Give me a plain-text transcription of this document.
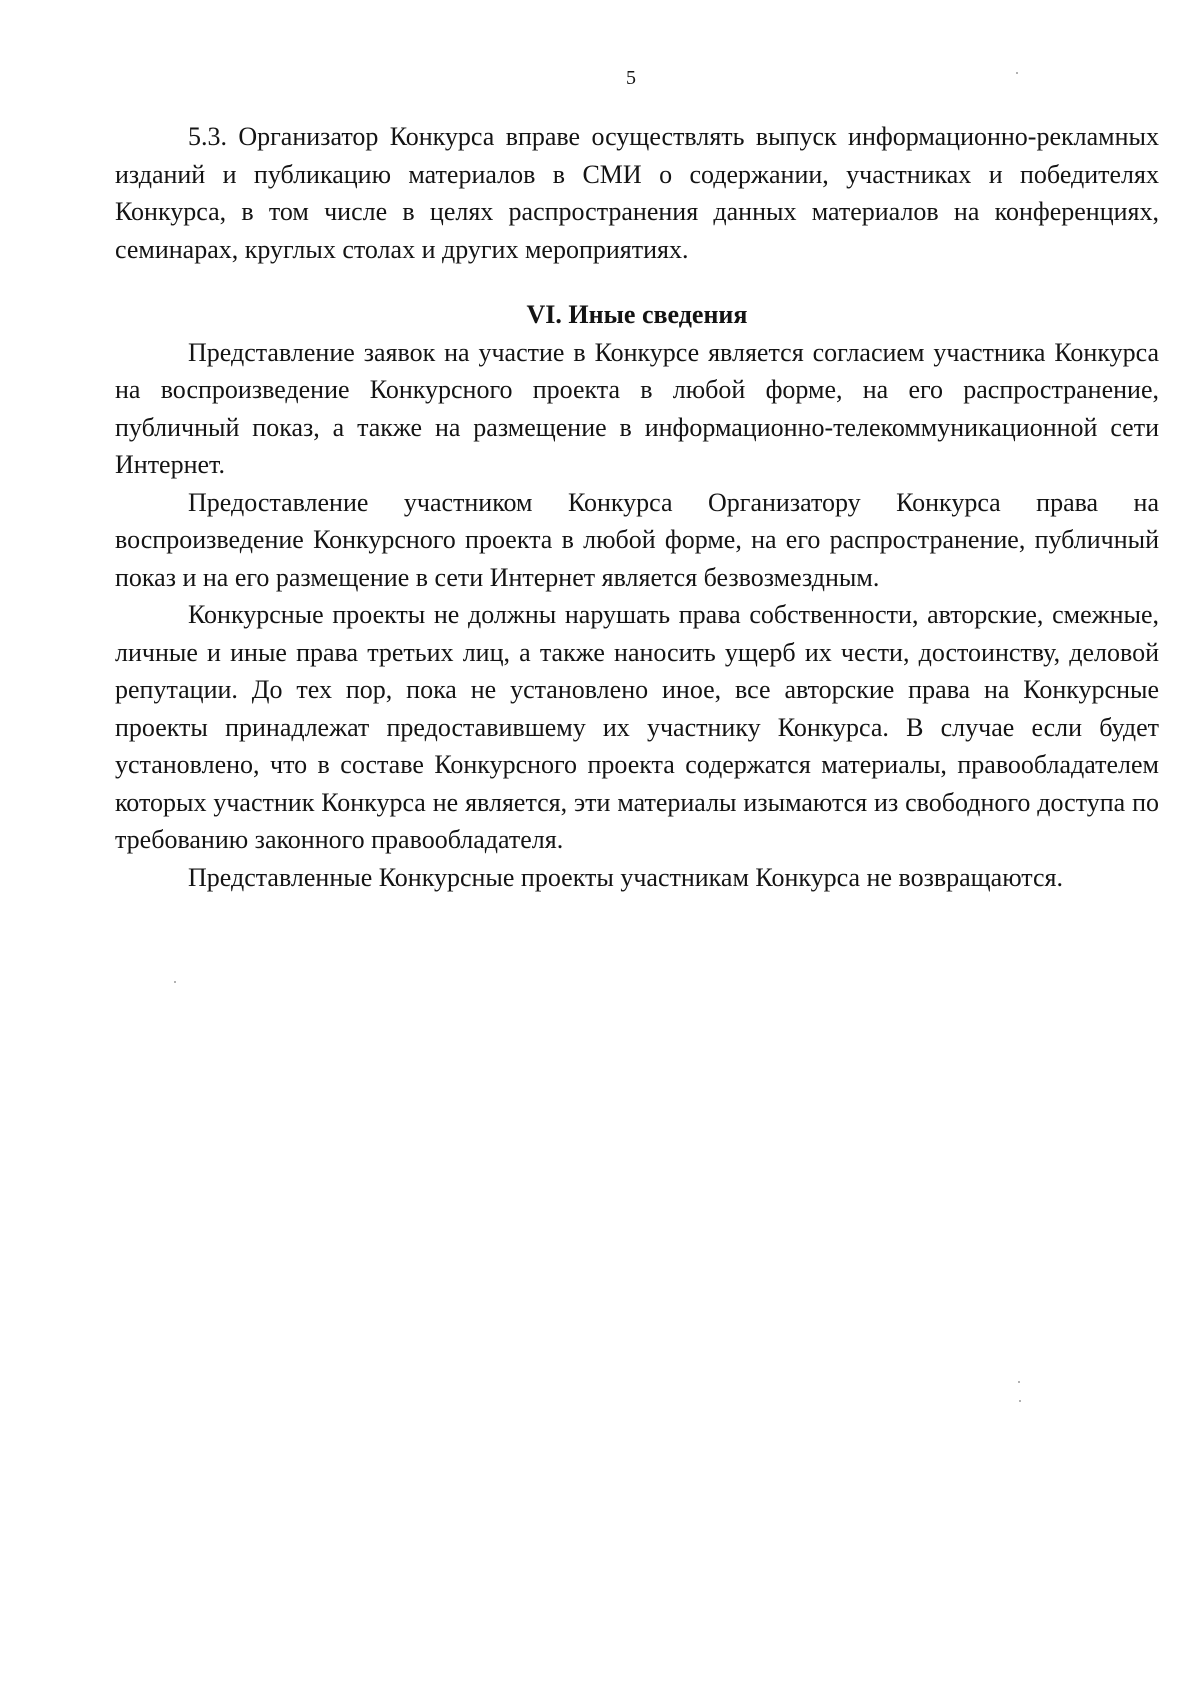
5

5.3. Организатор Конкурса вправе осуществлять выпуск информационно-рекламных изданий и публикацию материалов в СМИ о содержании, участниках и победителях Конкурса, в том числе в целях распространения данных материалов на конференциях, семинарах, круглых столах и других мероприятиях.

VI. Иные сведения

Представление заявок на участие в Конкурсе является согласием участника Конкурса на воспроизведение Конкурсного проекта в любой форме, на его распространение, публичный показ, а также на размещение в информационно-телекоммуникационной сети Интернет.

Предоставление участником Конкурса Организатору Конкурса права на воспроизведение Конкурсного проекта в любой форме, на его распространение, публичный показ и на его размещение в сети Интернет является безвозмездным.

Конкурсные проекты не должны нарушать права собственности, авторские, смежные, личные и иные права третьих лиц, а также наносить ущерб их чести, достоинству, деловой репутации. До тех пор, пока не установлено иное, все авторские права на Конкурсные проекты принадлежат предоставившему их участнику Конкурса. В случае если будет установлено, что в составе Конкурсного проекта содержатся материалы, правообладателем которых участник Конкурса не является, эти материалы изымаются из свободного доступа по требованию законного правообладателя.

Представленные Конкурсные проекты участникам Конкурса не возвращаются.
